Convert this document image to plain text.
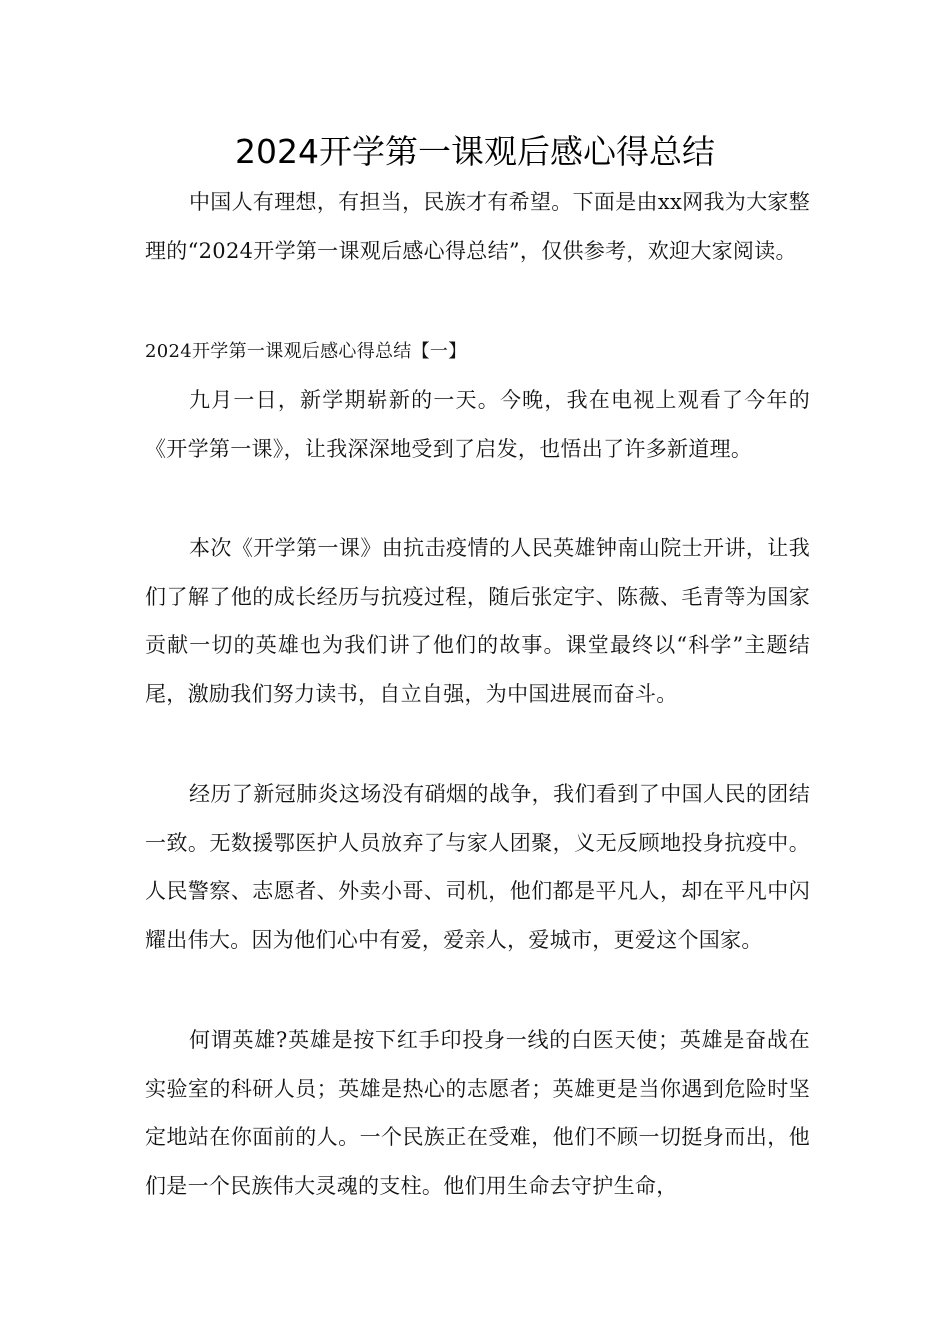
2024开学第一课观后感心得总结

中国人有理想，有担当，民族才有希望。下面是由xx网我为大家整理的“2024开学第一课观后感心得总结”，仅供参考，欢迎大家阅读。

2024开学第一课观后感心得总结【一】

九月一日，新学期崭新的一天。今晚，我在电视上观看了今年的《开学第一课》，让我深深地受到了启发，也悟出了许多新道理。

本次《开学第一课》由抗击疫情的人民英雄钟南山院士开讲，让我们了解了他的成长经历与抗疫过程，随后张定宇、陈薇、毛青等为国家贡献一切的英雄也为我们讲了他们的故事。课堂最终以“科学”主题结尾，激励我们努力读书，自立自强，为中国进展而奋斗。

经历了新冠肺炎这场没有硝烟的战争，我们看到了中国人民的团结一致。无数援鄂医护人员放弃了与家人团聚，义无反顾地投身抗疫中。人民警察、志愿者、外卖小哥、司机，他们都是平凡人，却在平凡中闪耀出伟大。因为他们心中有爱，爱亲人，爱城市，更爱这个国家。

何谓英雄?英雄是按下红手印投身一线的白医天使；英雄是奋战在实验室的科研人员；英雄是热心的志愿者；英雄更是当你遇到危险时坚定地站在你面前的人。一个民族正在受难，他们不顾一切挺身而出，他们是一个民族伟大灵魂的支柱。他们用生命去守护生命，
